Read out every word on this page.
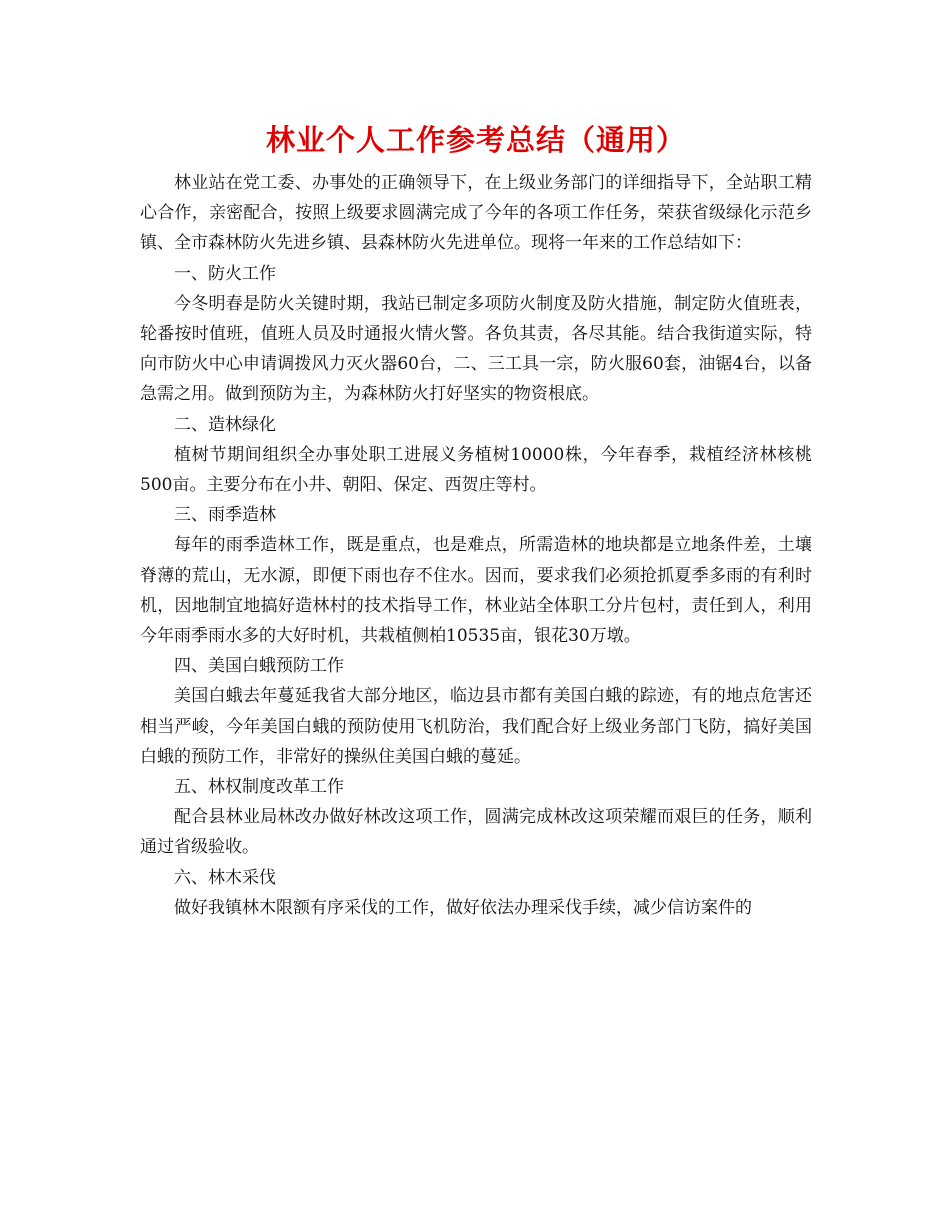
林业个人工作参考总结（通用）

林业站在党工委、办事处的正确领导下，在上级业务部门的详细指导下，全站职工精心合作，亲密配合，按照上级要求圆满完成了今年的各项工作任务，荣获省级绿化示范乡镇、全市森林防火先进乡镇、县森林防火先进单位。现将一年来的工作总结如下：

一、防火工作

今冬明春是防火关键时期，我站已制定多项防火制度及防火措施，制定防火值班表，轮番按时值班，值班人员及时通报火情火警。各负其责，各尽其能。结合我街道实际，特向市防火中心申请调拨风力灭火器60台，二、三工具一宗，防火服60套，油锯4台，以备急需之用。做到预防为主，为森林防火打好坚实的物资根底。

二、造林绿化

植树节期间组织全办事处职工进展义务植树10000株，今年春季，栽植经济林核桃500亩。主要分布在小井、朝阳、保定、西贺庄等村。

三、雨季造林

每年的雨季造林工作，既是重点，也是难点，所需造林的地块都是立地条件差，土壤脊薄的荒山，无水源，即便下雨也存不住水。因而，要求我们必须抢抓夏季多雨的有利时机，因地制宜地搞好造林村的技术指导工作，林业站全体职工分片包村，责任到人，利用今年雨季雨水多的大好时机，共栽植侧柏10535亩，银花30万墩。

四、美国白蛾预防工作

美国白蛾去年蔓延我省大部分地区，临边县市都有美国白蛾的踪迹，有的地点危害还相当严峻，今年美国白蛾的预防使用飞机防治，我们配合好上级业务部门飞防，搞好美国白蛾的预防工作，非常好的操纵住美国白蛾的蔓延。

五、林权制度改革工作

配合县林业局林改办做好林改这项工作，圆满完成林改这项荣耀而艰巨的任务，顺利通过省级验收。

六、林木采伐

做好我镇林木限额有序采伐的工作，做好依法办理采伐手续，减少信访案件的
